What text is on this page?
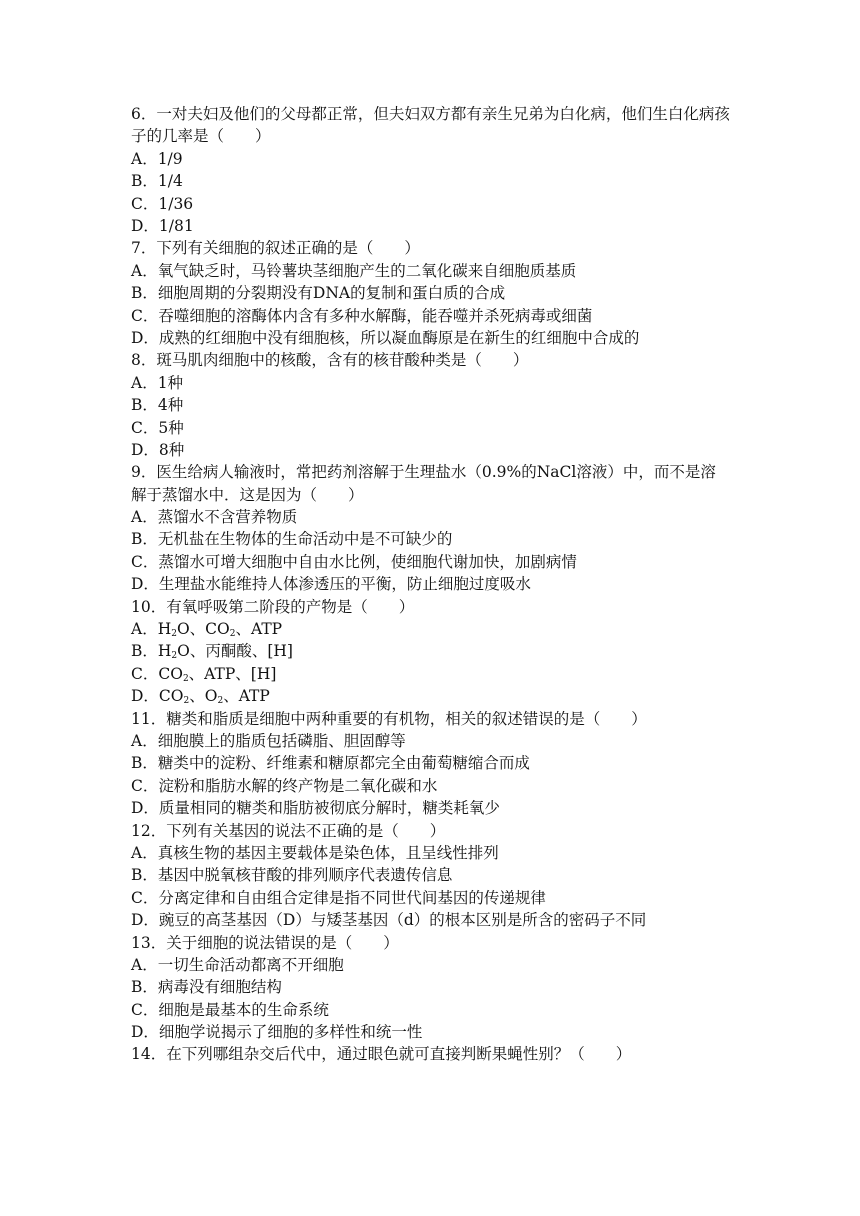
6．一对夫妇及他们的父母都正常，但夫妇双方都有亲生兄弟为白化病，他们生白化病孩子的几率是（　　）
A．1/9
B．1/4
C．1/36
D．1/81
7．下列有关细胞的叙述正确的是（　　）
A．氧气缺乏时，马铃薯块茎细胞产生的二氧化碳来自细胞质基质
B．细胞周期的分裂期没有DNA的复制和蛋白质的合成
C．吞噬细胞的溶酶体内含有多种水解酶，能吞噬并杀死病毒或细菌
D．成熟的红细胞中没有细胞核，所以凝血酶原是在新生的红细胞中合成的
8．斑马肌肉细胞中的核酸，含有的核苷酸种类是（　　）
A．1种
B．4种
C．5种
D．8种
9．医生给病人输液时，常把药剂溶解于生理盐水（0.9%的NaCl溶液）中，而不是溶解于蒸馏水中．这是因为（　　）
A．蒸馏水不含营养物质
B．无机盐在生物体的生命活动中是不可缺少的
C．蒸馏水可增大细胞中自由水比例，使细胞代谢加快，加剧病情
D．生理盐水能维持人体渗透压的平衡，防止细胞过度吸水
10．有氧呼吸第二阶段的产物是（　　）
A．$H_2O$、$CO_2$、ATP
B．$H_2O$、丙酮酸、[H]
C．$CO_2$、ATP、[H]
D．$CO_2$、$O_2$、ATP
11．糖类和脂质是细胞中两种重要的有机物，相关的叙述错误的是（　　）
A．细胞膜上的脂质包括磷脂、胆固醇等
B．糖类中的淀粉、纤维素和糖原都完全由葡萄糖缩合而成
C．淀粉和脂肪水解的终产物是二氧化碳和水
D．质量相同的糖类和脂肪被彻底分解时，糖类耗氧少
12．下列有关基因的说法不正确的是（　　）
A．真核生物的基因主要载体是染色体，且呈线性排列
B．基因中脱氧核苷酸的排列顺序代表遗传信息
C．分离定律和自由组合定律是指不同世代间基因的传递规律
D．豌豆的高茎基因（D）与矮茎基因（d）的根本区别是所含的密码子不同
13．关于细胞的说法错误的是（　　）
A．一切生命活动都离不开细胞
B．病毒没有细胞结构
C．细胞是最基本的生命系统
D．细胞学说揭示了细胞的多样性和统一性
14．在下列哪组杂交后代中，通过眼色就可直接判断果蝇性别？（　　）
